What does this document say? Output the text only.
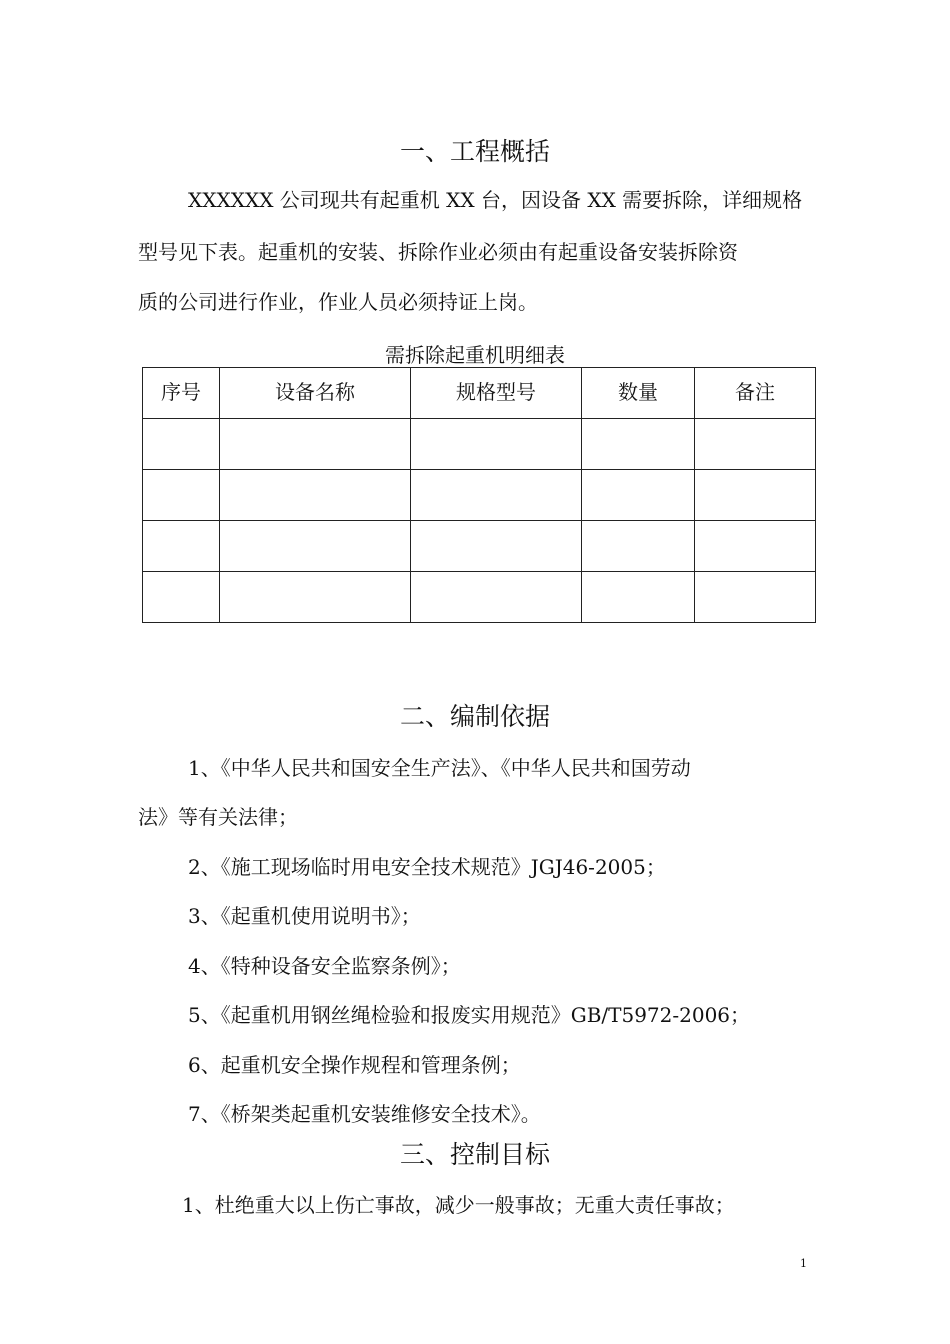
一、工程概括

XXXXXX 公司现共有起重机 XX 台，因设备 XX 需要拆除，详细规格

型号见下表。起重机的安装、拆除作业必须由有起重设备安装拆除资

质的公司进行作业，作业人员必须持证上岗。

需拆除起重机明细表
序号	设备名称	规格型号	数量	备注

二、编制依据

1、《中华人民共和国安全生产法》、《中华人民共和国劳动

法》等有关法律；

2、《施工现场临时用电安全技术规范》JGJ46-2005；

3、《起重机使用说明书》；

4、《特种设备安全监察条例》；

5、《起重机用钢丝绳检验和报废实用规范》GB/T5972-2006；

6、起重机安全操作规程和管理条例；

7、《桥架类起重机安装维修安全技术》。

三、控制目标

1、杜绝重大以上伤亡事故，减少一般事故；无重大责任事故；

1
